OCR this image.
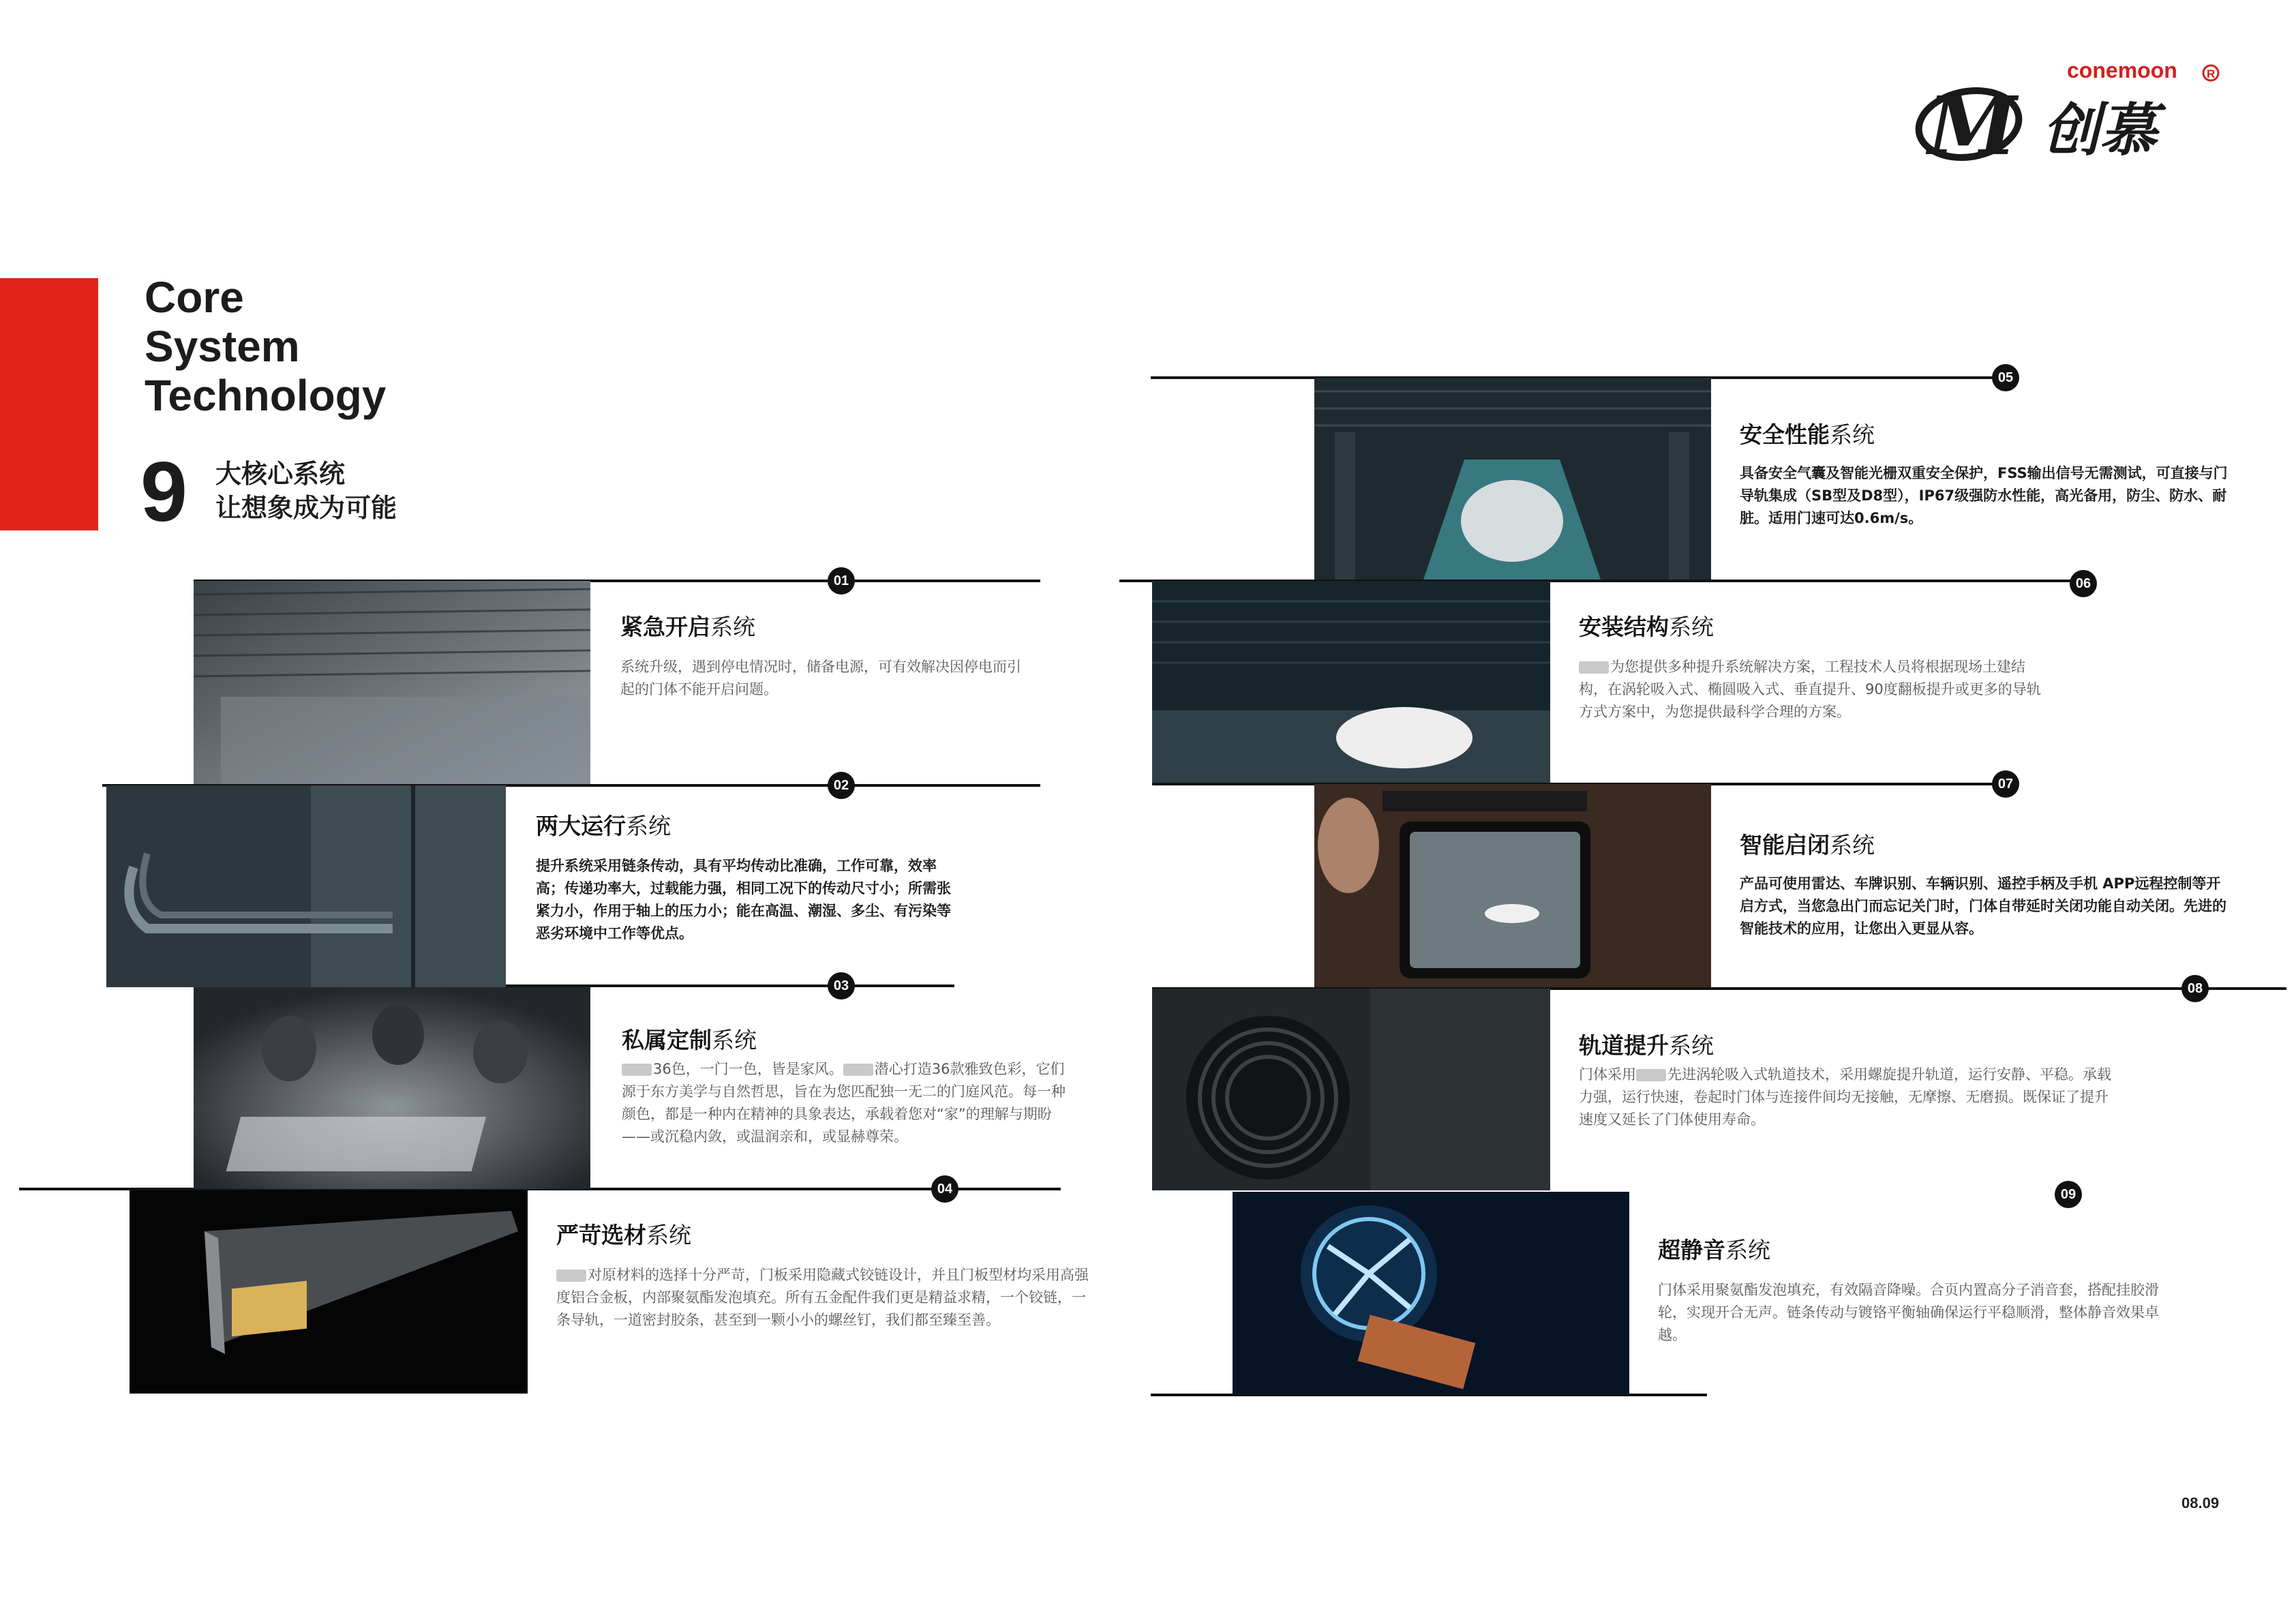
Core
System
Technology
9 大核心系统
让想象成为可能
conemoon	R
M 创慕
01
02
03
04
05
06
07
08
09
紧急开启系统
系统升级，遇到停电情况时，储备电源，可有效解决因停电而引起的门体不能开启问题。
两大运行系统
提升系统采用链条传动，具有平均传动比准确，工作可靠，效率高；传递功率大，过载能力强，相同工况下的传动尺寸小；所需张紧力小，作用于轴上的压力小；能在高温、潮湿、多尘、有污染等恶劣环境中工作等优点。
私属定制系统
36色，一门一色，皆是家风。 潜心打造36款雅致色彩，它们源于东方美学与自然哲思，旨在为您匹配独一无二的门庭风范。每一种颜色，都是一种内在精神的具象表达，承载着您对“家”的理解与期盼——或沉稳内敛，或温润亲和，或显赫尊荣。
严苛选材系统
对原材料的选择十分严苛，门板采用隐藏式铰链设计，并且门板型材均采用高强度铝合金板，内部聚氨酯发泡填充。所有五金配件我们更是精益求精，一个铰链，一条导轨，一道密封胶条，甚至到一颗小小的螺丝钉，我们都至臻至善。
安全性能系统
具备安全气囊及智能光栅双重安全保护，FSS输出信号无需测试，可直接与门导轨集成（SB型及D8型），IP67级强防水性能，高光备用，防尘、防水、耐脏。适用门速可达0.6m/s。
安装结构系统
为您提供多种提升系统解决方案，工程技术人员将根据现场土建结构，在涡轮吸入式、椭圆吸入式、垂直提升、90度翻板提升或更多的导轨方式方案中，为您提供最科学合理的方案。
智能启闭系统
产品可使用雷达、车牌识别、车辆识别、遥控手柄及手机 APP远程控制等开启方式，当您急出门而忘记关门时，门体自带延时关闭功能自动关闭。先进的智能技术的应用，让您出入更显从容。
轨道提升系统
门体采用 先进涡轮吸入式轨道技术，采用螺旋提升轨道，运行安静、平稳。承载力强，运行快速，卷起时门体与连接件间均无接触，无摩擦、无磨损。既保证了提升速度又延长了门体使用寿命。
超静音系统
门体采用聚氨酯发泡填充，有效隔音降噪。合页内置高分子消音套，搭配挂胶滑轮，实现开合无声。链条传动与镀铬平衡轴确保运行平稳顺滑，整体静音效果卓越。
08.09
